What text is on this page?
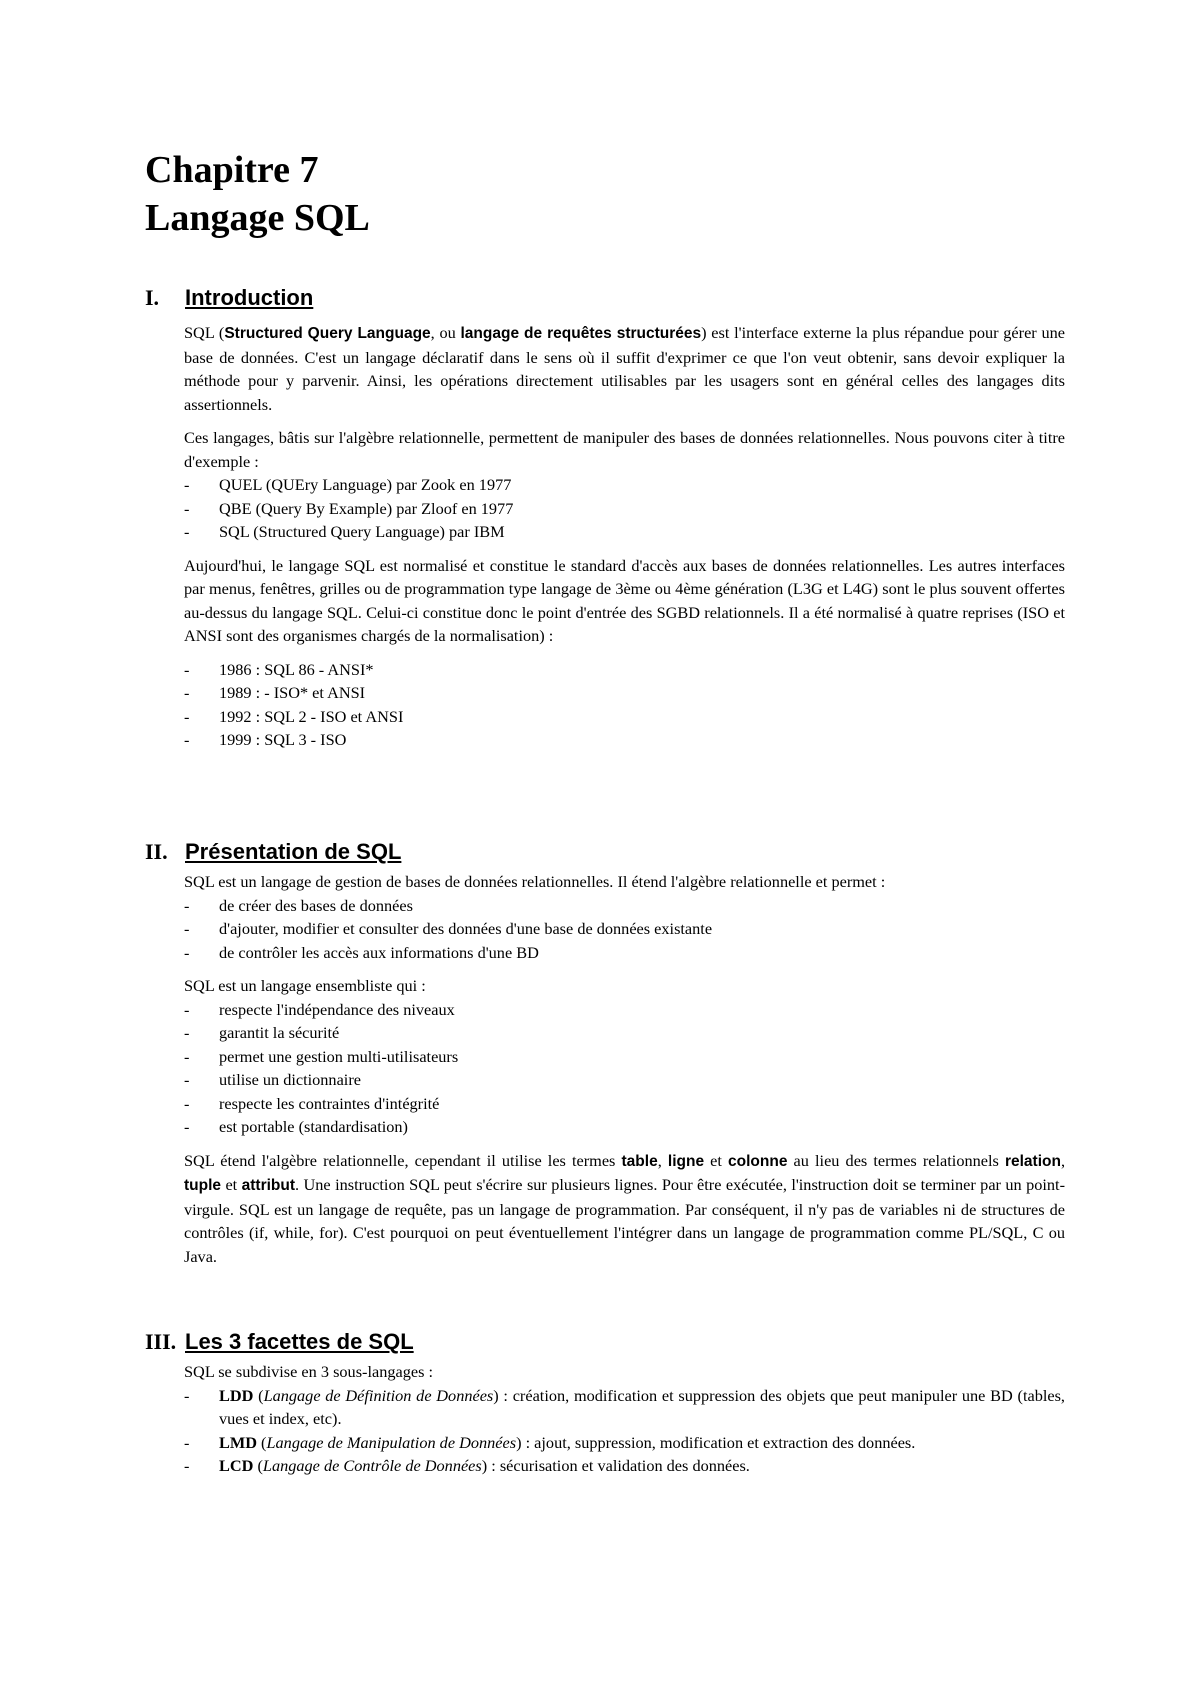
Chapitre 7
Langage SQL
I. Introduction

SQL (Structured Query Language, ou langage de requêtes structurées) est l'interface externe la plus répandue pour gérer une base de données. C'est un langage déclaratif dans le sens où il suffit d'exprimer ce que l'on veut obtenir, sans devoir expliquer la méthode pour y parvenir. Ainsi, les opérations directement utilisables par les usagers sont en général celles des langages dits assertionnels.

Ces langages, bâtis sur l'algèbre relationnelle, permettent de manipuler des bases de données relationnelles. Nous pouvons citer à titre d'exemple :

- QUEL (QUEry Language) par Zook en 1977
- QBE (Query By Example) par Zloof en 1977
- SQL (Structured Query Language) par IBM

Aujourd'hui, le langage SQL est normalisé et constitue le standard d'accès aux bases de données relationnelles. Les autres interfaces par menus, fenêtres, grilles ou de programmation type langage de 3ème ou 4ème génération (L3G et L4G) sont le plus souvent offertes au-dessus du langage SQL. Celui-ci constitue donc le point d'entrée des SGBD relationnels. Il a été normalisé à quatre reprises (ISO et ANSI sont des organismes chargés de la normalisation) :

- 1986 : SQL 86 - ANSI*
- 1989 : - ISO* et ANSI
- 1992 : SQL 2 - ISO et ANSI
- 1999 : SQL 3 - ISO
II. Présentation de SQL

SQL est un langage de gestion de bases de données relationnelles. Il étend l'algèbre relationnelle et permet :

- de créer des bases de données
- d'ajouter, modifier et consulter des données d'une base de données existante
- de contrôler les accès aux informations d'une BD

SQL est un langage ensembliste qui :

- respecte l'indépendance des niveaux
- garantit la sécurité
- permet une gestion multi-utilisateurs
- utilise un dictionnaire
- respecte les contraintes d'intégrité
- est portable (standardisation)

SQL étend l'algèbre relationnelle, cependant il utilise les termes table, ligne et colonne au lieu des termes relationnels relation, tuple et attribut. Une instruction SQL peut s'écrire sur plusieurs lignes. Pour être exécutée, l'instruction doit se terminer par un point-virgule. SQL est un langage de requête, pas un langage de programmation. Par conséquent, il n'y pas de variables ni de structures de contrôles (if, while, for). C'est pourquoi on peut éventuellement l'intégrer dans un langage de programmation comme PL/SQL, C ou Java.

III. Les 3 facettes de SQL

SQL se subdivise en 3 sous-langages :

- LDD (Langage de Définition de Données) : création, modification et suppression des objets que peut manipuler une BD (tables, vues et index, etc).
- LMD (Langage de Manipulation de Données) : ajout, suppression, modification et extraction des données.
- LCD (Langage de Contrôle de Données) : sécurisation et validation des données.
